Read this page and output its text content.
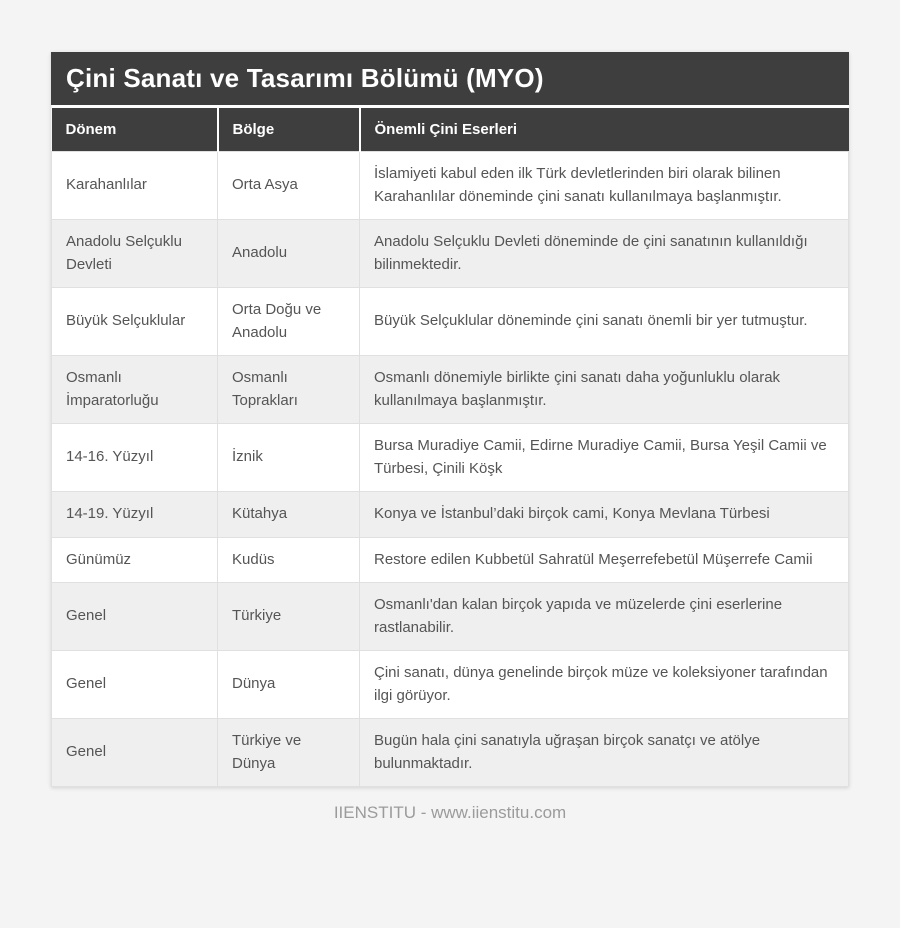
Çini Sanatı ve Tasarımı Bölümü (MYO)
Dönem	Bölge	Önemli Çini Eserleri
Karahanlılar	Orta Asya	İslamiyeti kabul eden ilk Türk devletlerinden biri olarak bilinen Karahanlılar döneminde çini sanatı kullanılmaya başlanmıştır.
Anadolu Selçuklu Devleti	Anadolu	Anadolu Selçuklu Devleti döneminde de çini sanatının kullanıldığı bilinmektedir.
Büyük Selçuklular	Orta Doğu ve Anadolu	Büyük Selçuklular döneminde çini sanatı önemli bir yer tutmuştur.
Osmanlı İmparatorluğu	Osmanlı Toprakları	Osmanlı dönemiyle birlikte çini sanatı daha yoğunluklu olarak kullanılmaya başlanmıştır.
14-16. Yüzyıl	İznik	Bursa Muradiye Camii, Edirne Muradiye Camii, Bursa Yeşil Camii ve Türbesi, Çinili Köşk
14-19. Yüzyıl	Kütahya	Konya ve İstanbul’daki birçok cami, Konya Mevlana Türbesi
Günümüz	Kudüs	Restore edilen Kubbetül Sahratül Meşerrefebetül Müşerrefe Camii
Genel	Türkiye	Osmanlı'dan kalan birçok yapıda ve müzelerde çini eserlerine rastlanabilir.
Genel	Dünya	Çini sanatı, dünya genelinde birçok müze ve koleksiyoner tarafından ilgi görüyor.
Genel	Türkiye ve Dünya	Bugün hala çini sanatıyla uğraşan birçok sanatçı ve atölye bulunmaktadır.
IIENSTITU - www.iienstitu.com
